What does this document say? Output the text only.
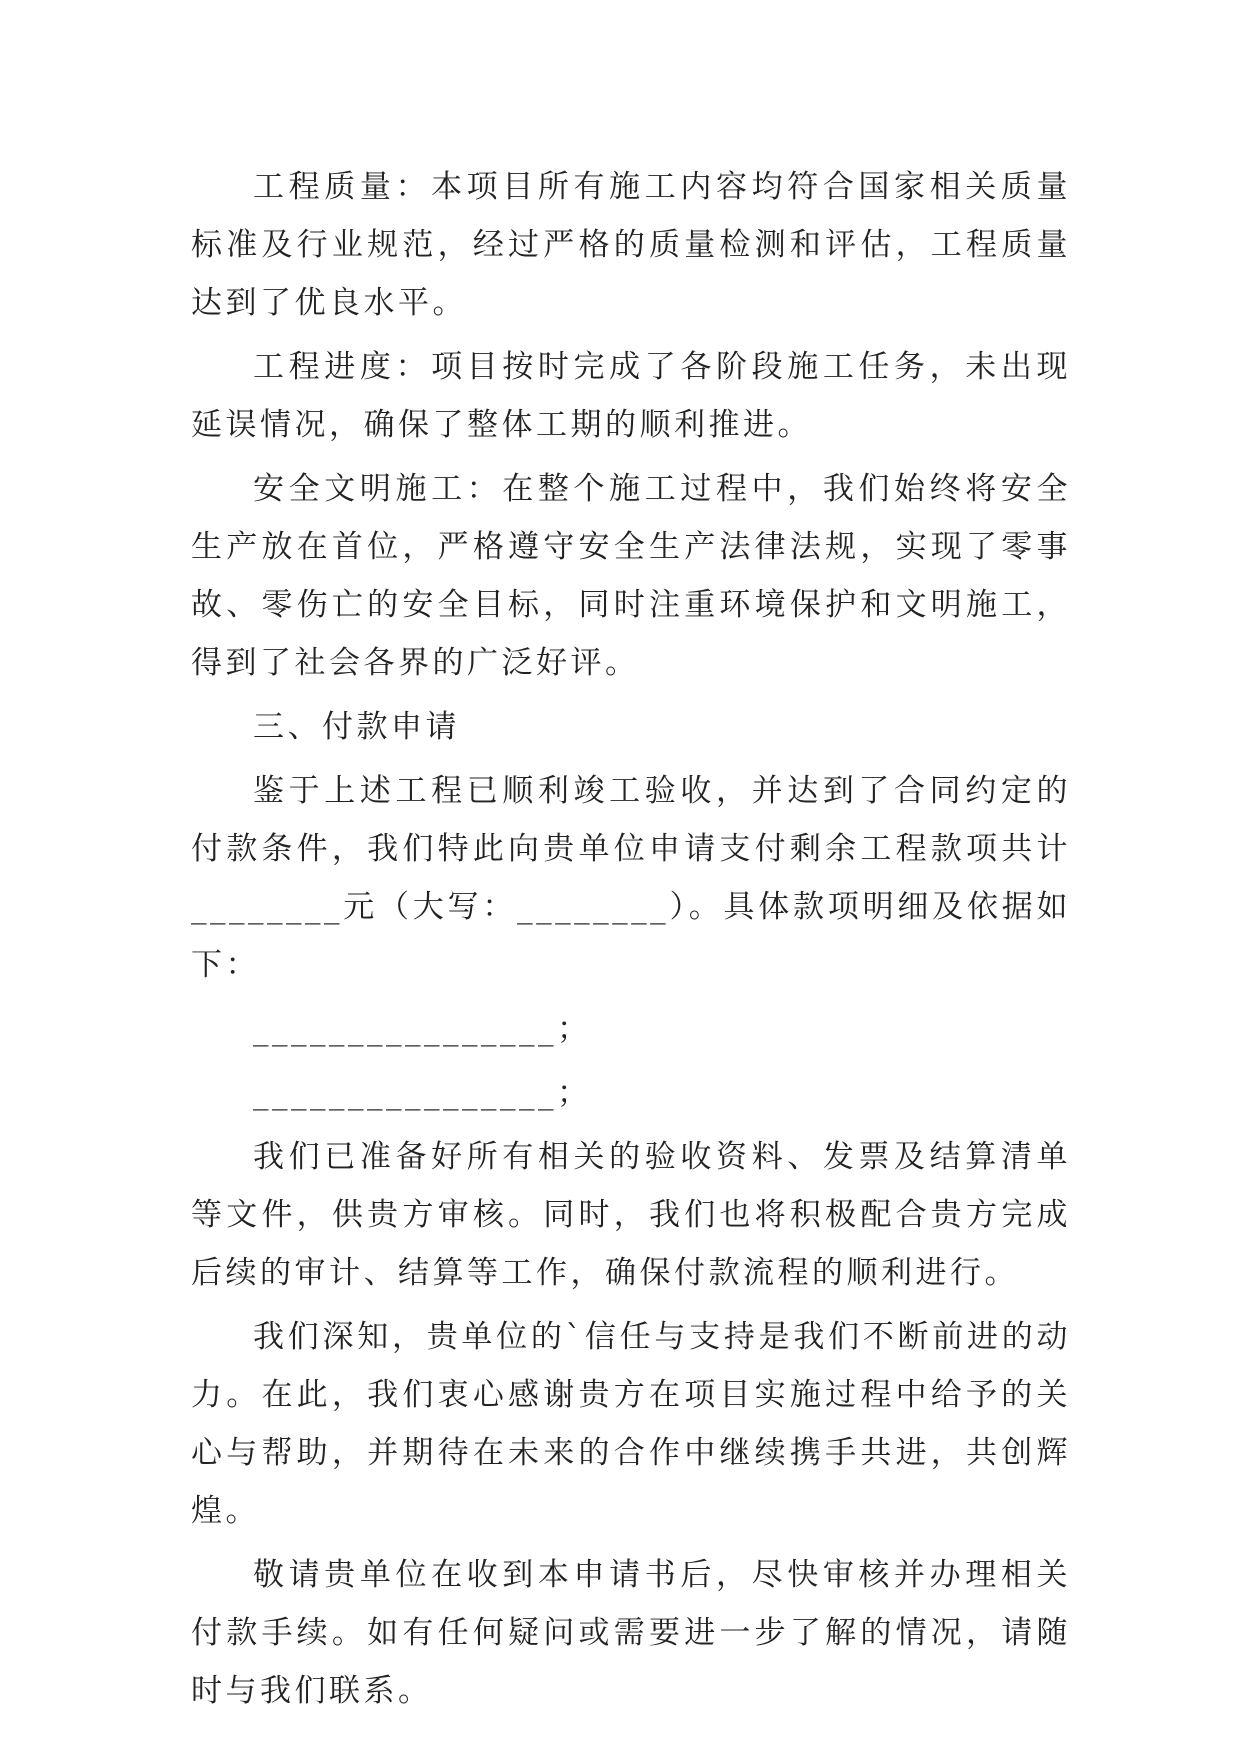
工程质量：本项目所有施工内容均符合国家相关质量标准及行业规范，经过严格的质量检测和评估，工程质量达到了优良水平。

工程进度：项目按时完成了各阶段施工任务，未出现延误情况，确保了整体工期的顺利推进。

安全文明施工：在整个施工过程中，我们始终将安全生产放在首位，严格遵守安全生产法律法规，实现了零事故、零伤亡的安全目标，同时注重环境保护和文明施工，得到了社会各界的广泛好评。

三、付款申请

鉴于上述工程已顺利竣工验收，并达到了合同约定的付款条件，我们特此向贵单位申请支付剩余工程款项共计________元（大写：________）。具体款项明细及依据如下：

________________；

________________；

我们已准备好所有相关的验收资料、发票及结算清单等文件，供贵方审核。同时，我们也将积极配合贵方完成后续的审计、结算等工作，确保付款流程的顺利进行。

我们深知，贵单位的`信任与支持是我们不断前进的动力。在此，我们衷心感谢贵方在项目实施过程中给予的关心与帮助，并期待在未来的合作中继续携手共进，共创辉煌。

敬请贵单位在收到本申请书后，尽快审核并办理相关付款手续。如有任何疑问或需要进一步了解的情况，请随时与我们联系。
